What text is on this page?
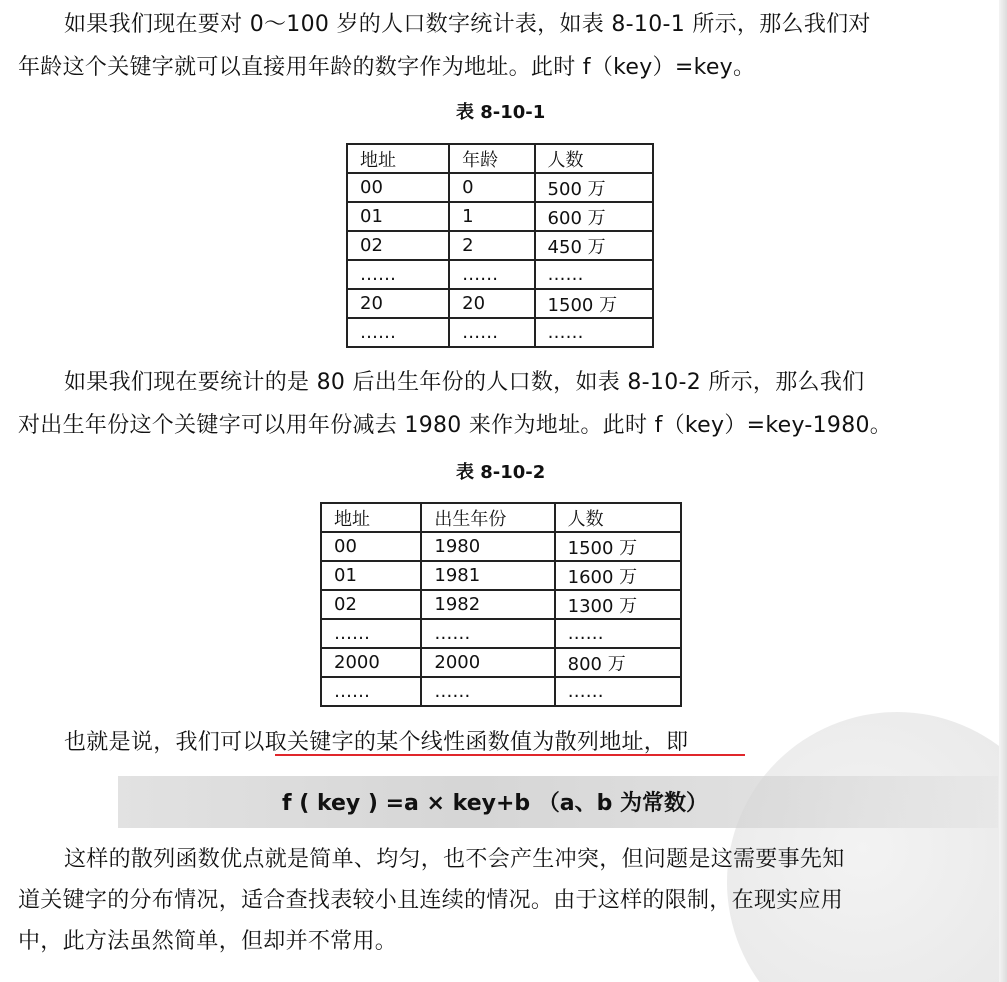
如果我们现在要对 0～100 岁的人口数字统计表，如表 8-10-1 所示，那么我们对
年龄这个关键字就可以直接用年龄的数字作为地址。此时 f（key）=key。
表 8-10-1
地址	年龄	人数
00	0	500 万
01	1	600 万
02	2	450 万
……	……	……
20	20	1500 万
……	……	……
如果我们现在要统计的是 80 后出生年份的人口数，如表 8-10-2 所示，那么我们
对出生年份这个关键字可以用年份减去 1980 来作为地址。此时 f（key）=key-1980。
表 8-10-2
地址	出生年份	人数
00	1980	1500 万
01	1981	1600 万
02	1982	1300 万
……	……	……
2000	2000	800 万
……	……	……
也就是说，我们可以取关键字的某个线性函数值为散列地址，即
f ( key ) =a × key+b （a、b 为常数）
这样的散列函数优点就是简单、均匀，也不会产生冲突，但问题是这需要事先知
道关键字的分布情况，适合查找表较小且连续的情况。由于这样的限制，在现实应用
中，此方法虽然简单，但却并不常用。
